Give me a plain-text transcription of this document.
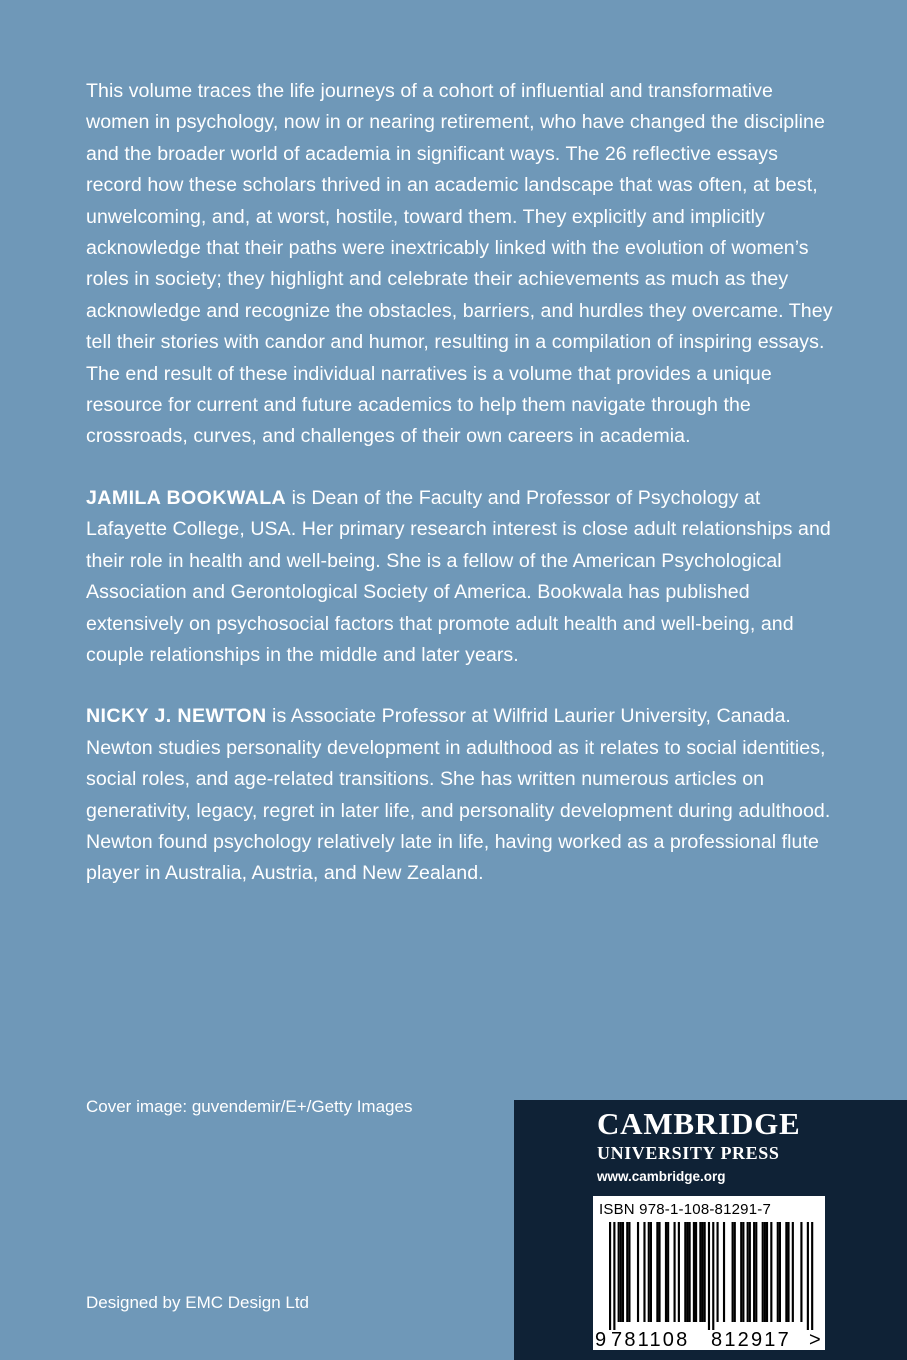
This volume traces the life journeys of a cohort of influential and transformative women in psychology, now in or nearing retirement, who have changed the discipline and the broader world of academia in significant ways. The 26 reflective essays record how these scholars thrived in an academic landscape that was often, at best, unwelcoming, and, at worst, hostile, toward them. They explicitly and implicitly acknowledge that their paths were inextricably linked with the evolution of women’s roles in society; they highlight and celebrate their achievements as much as they acknowledge and recognize the obstacles, barriers, and hurdles they overcame. They tell their stories with candor and humor, resulting in a compilation of inspiring essays. The end result of these individual narratives is a volume that provides a unique resource for current and future academics to help them navigate through the crossroads, curves, and challenges of their own careers in academia.

JAMILA BOOKWALA is Dean of the Faculty and Professor of Psychology at Lafayette College, USA. Her primary research interest is close adult relationships and their role in health and well-being. She is a fellow of the American Psychological Association and Gerontological Society of America. Bookwala has published extensively on psychosocial factors that promote adult health and well-being, and couple relationships in the middle and later years.

NICKY J. NEWTON is Associate Professor at Wilfrid Laurier University, Canada. Newton studies personality development in adulthood as it relates to social identities, social roles, and age-related transitions. She has written numerous articles on generativity, legacy, regret in later life, and personality development during adulthood. Newton found psychology relatively late in life, having worked as a professional flute player in Australia, Austria, and New Zealand.

Cover image: guvendemir/E+/Getty Images
Designed by EMC Design Ltd
CAMBRIDGE
UNIVERSITY PRESS
www.cambridge.org
9 781108 812917 >
ISBN 978-1-108-81291-7
